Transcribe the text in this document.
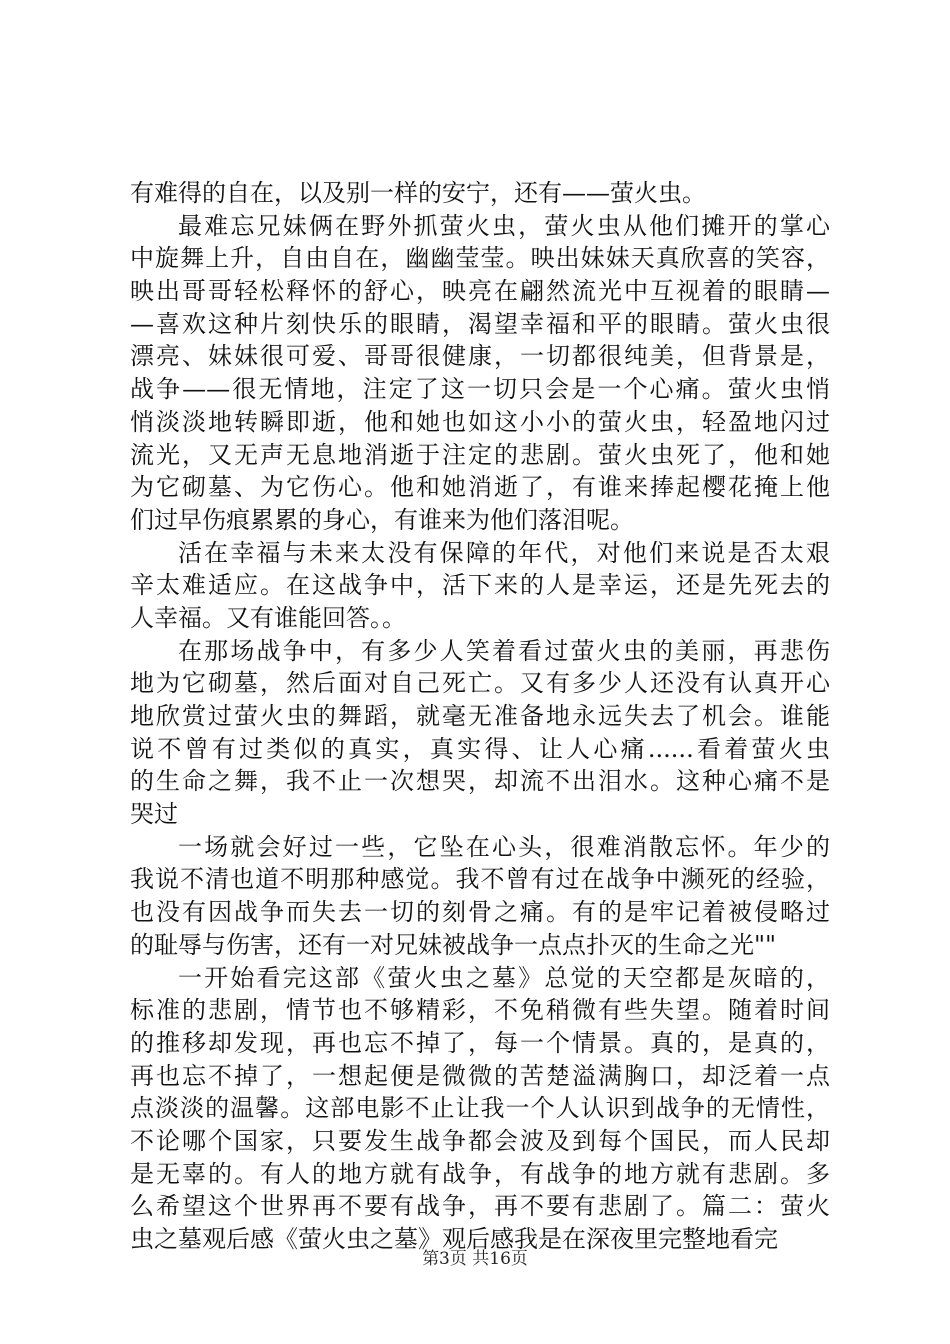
有难得的自在，以及别一样的安宁，还有——萤火虫。
最难忘兄妹俩在野外抓萤火虫，萤火虫从他们摊开的掌心
中旋舞上升，自由自在，幽幽莹莹。映出妹妹天真欣喜的笑容，
映出哥哥轻松释怀的舒心，映亮在翩然流光中互视着的眼睛—
—喜欢这种片刻快乐的眼睛，渴望幸福和平的眼睛。萤火虫很
漂亮、妹妹很可爱、哥哥很健康，一切都很纯美，但背景是，
战争——很无情地，注定了这一切只会是一个心痛。萤火虫悄
悄淡淡地转瞬即逝，他和她也如这小小的萤火虫，轻盈地闪过
流光，又无声无息地消逝于注定的悲剧。萤火虫死了，他和她
为它砌墓、为它伤心。他和她消逝了，有谁来捧起樱花掩上他
们过早伤痕累累的身心，有谁来为他们落泪呢。
活在幸福与未来太没有保障的年代，对他们来说是否太艰
辛太难适应。在这战争中，活下来的人是幸运，还是先死去的
人幸福。又有谁能回答。。
在那场战争中，有多少人笑着看过萤火虫的美丽，再悲伤
地为它砌墓，然后面对自己死亡。又有多少人还没有认真开心
地欣赏过萤火虫的舞蹈，就毫无准备地永远失去了机会。谁能
说不曾有过类似的真实，真实得、让人心痛......看着萤火虫
的生命之舞，我不止一次想哭，却流不出泪水。这种心痛不是
哭过
一场就会好过一些，它坠在心头，很难消散忘怀。年少的
我说不清也道不明那种感觉。我不曾有过在战争中濒死的经验，
也没有因战争而失去一切的刻骨之痛。有的是牢记着被侵略过
的耻辱与伤害，还有一对兄妹被战争一点点扑灭的生命之光""
一开始看完这部《萤火虫之墓》总觉的天空都是灰暗的，
标准的悲剧，情节也不够精彩，不免稍微有些失望。随着时间
的推移却发现，再也忘不掉了，每一个情景。真的，是真的，
再也忘不掉了，一想起便是微微的苦楚溢满胸口，却泛着一点
点淡淡的温馨。这部电影不止让我一个人认识到战争的无情性，
不论哪个国家，只要发生战争都会波及到每个国民，而人民却
是无辜的。有人的地方就有战争，有战争的地方就有悲剧。多
么希望这个世界再不要有战争，再不要有悲剧了。篇二：萤火
虫之墓观后感《萤火虫之墓》观后感我是在深夜里完整地看完
第3页 共16页
